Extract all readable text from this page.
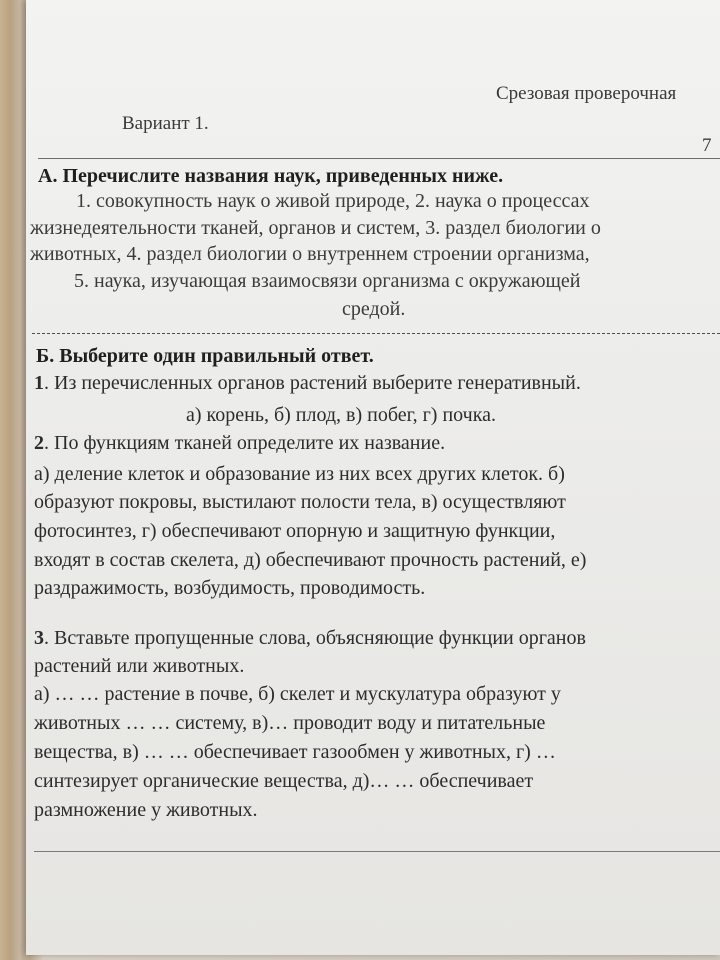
Срезовая проверочная
Вариант 1.
7
А. Перечислите названия наук, приведенных ниже.
1. совокупность наук о живой природе, 2. наука о процессах
жизнедеятельности тканей, органов и систем, 3. раздел биологии о
животных, 4. раздел биологии о внутреннем строении организма,
5. наука, изучающая взаимосвязи организма с окружающей
средой.
Б. Выберите один правильный ответ.
1. Из перечисленных органов растений выберите генеративный.
а) корень, б) плод, в) побег, г) почка.
2. По функциям тканей определите их название.
а) деление клеток и образование из них всех других клеток. б)
образуют покровы, выстилают полости тела, в) осуществляют
фотосинтез, г) обеспечивают опорную и защитную функции,
входят в состав скелета, д) обеспечивают прочность растений, е)
раздражимость, возбудимость, проводимость.
3. Вставьте пропущенные слова, объясняющие функции органов
растений или животных.
а) … … растение в почве, б) скелет и мускулатура образуют у
животных … … систему, в)… проводит воду и питательные
вещества, в) … … обеспечивает газообмен у животных, г) …
синтезирует органические вещества, д)… … обеспечивает
размножение у животных.
